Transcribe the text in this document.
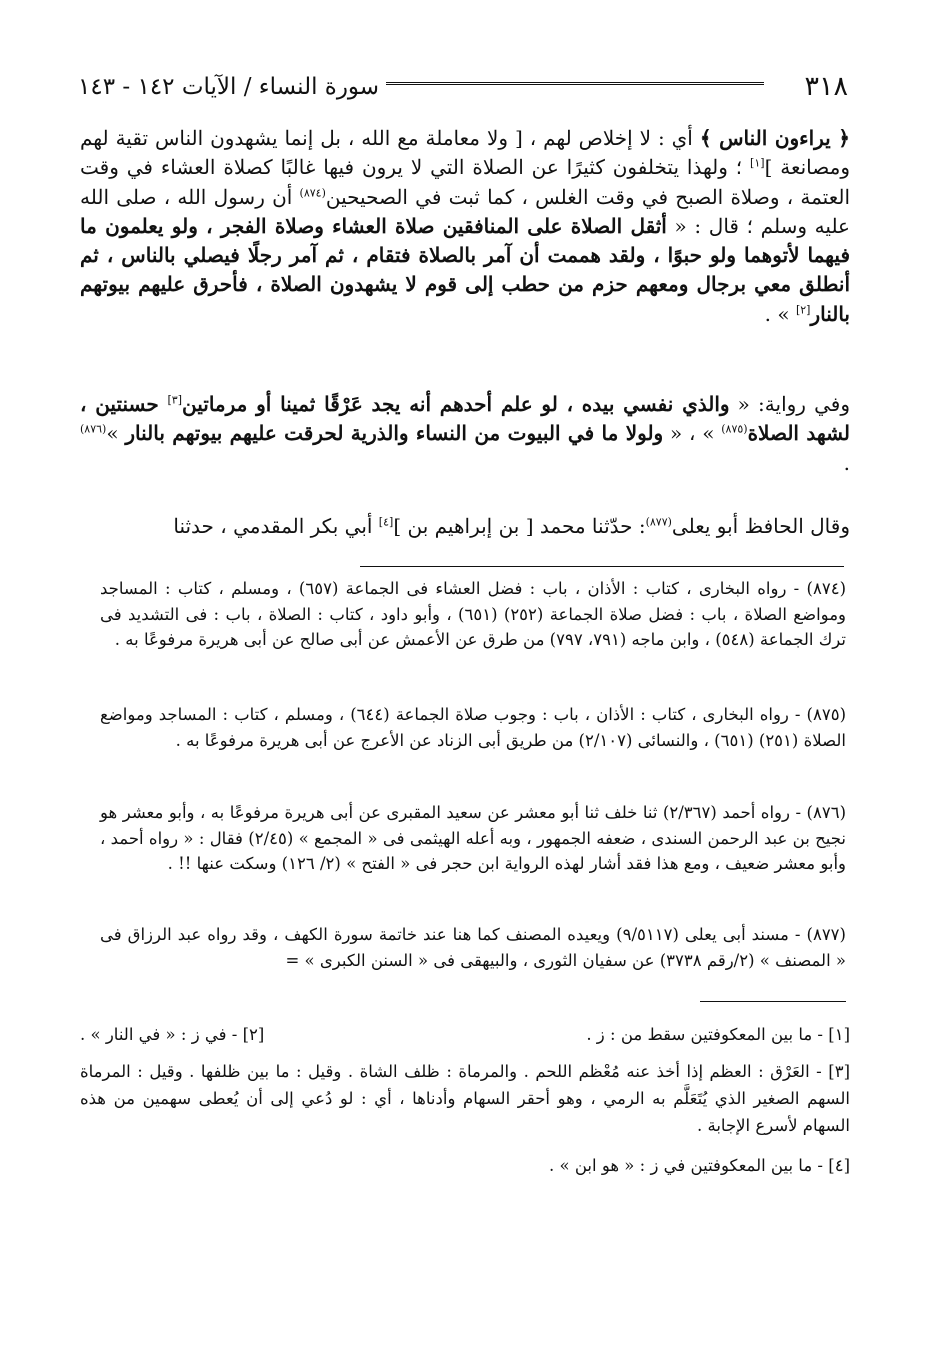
٣١٨
سورة النساء / الآيات ١٤٢ - ١٤٣
﴿ يراءون الناس ﴾ أي : لا إخلاص لهم ، [ ولا معاملة مع الله ، بل إنما يشهدون الناس تقية لهم ومصانعة ][١] ؛ ولهذا يتخلفون كثيرًا عن الصلاة التي لا يرون فيها غالبًا كصلاة العشاء في وقت العتمة ، وصلاة الصبح في وقت الغلس ، كما ثبت في الصحيحين$^{(٨٧٤)}$ أن رسول الله ، صلى الله عليه وسلم ؛ قال : « أثقل الصلاة على المنافقين صلاة العشاء وصلاة الفجر ، ولو يعلمون ما فيهما لأتوهما ولو حبوًا ، ولقد هممت أن آمر بالصلاة فتقام ، ثم آمر رجلًا فيصلي بالناس ، ثم أنطلق معي برجال ومعهم حزم من حطب إلى قوم لا يشهدون الصلاة ، فأحرق عليهم بيوتهم بالنار[٢] » .
وفي رواية: « والذي نفسي بيده ، لو علم أحدهم أنه يجد عَرْقًا ثمينا أو مرماتين[٣] حسنتين ، لشهد الصلاة$^{(٨٧٥)}$ » ، « ولولا ما في البيوت من النساء والذرية لحرقت عليهم بيوتهم بالنار »$^{(٨٧٦)}$ .
وقال الحافظ أبو يعلى$^{(٨٧٧)}$: حدّثنا محمد [ بن إبراهيم بن ][٤] أبي بكر المقدمي ، حدثنا
(٨٧٤) - رواه البخارى ، كتاب : الأذان ، باب : فضل العشاء فى الجماعة (٦٥٧) ، ومسلم ، كتاب : المساجد ومواضع الصلاة ، باب : فضل صلاة الجماعة (٢٥٢) (٦٥١) ، وأبو داود ، كتاب : الصلاة ، باب : فى التشديد فى ترك الجماعة (٥٤٨) ، وابن ماجه (٧٩١، ٧٩٧) من طرق عن الأعمش عن أبى صالح عن أبى هريرة مرفوعًا به .
(٨٧٥) - رواه البخارى ، كتاب : الأذان ، باب : وجوب صلاة الجماعة (٦٤٤) ، ومسلم ، كتاب : المساجد ومواضع الصلاة (٢٥١) (٦٥١) ، والنسائى (٢/١٠٧) من طريق أبى الزناد عن الأعرج عن أبى هريرة مرفوعًا به .
(٨٧٦) - رواه أحمد (٢/٣٦٧) ثنا خلف ثنا أبو معشر عن سعيد المقبرى عن أبى هريرة مرفوعًا به ، وأبو معشر هو نجيح بن عبد الرحمن السندى ، ضعفه الجمهور ، وبه أعله الهيثمى فى « المجمع » (٢/٤٥) فقال : « رواه أحمد ، وأبو معشر ضعيف ، ومع هذا فقد أشار لهذه الرواية ابن حجر فى « الفتح » (٢/ ١٢٦) وسكت عنها !! .
(٨٧٧) - مسند أبى يعلى (٩/٥١١٧) ويعيده المصنف كما هنا عند خاتمة سورة الكهف ، وقد رواه عبد الرزاق فى « المصنف » (٢/رقم ٣٧٣٨) عن سفيان الثورى ، والبيهقى فى « السنن الكبرى » =
[١] - ما بين المعكوفتين سقط من : ز .
[٢] - في ز : « في النار » .
[٣] - العَرْق : العظم إذا أخذ عنه مُعْظم اللحم . والمرماة : ظلف الشاة . وقيل : ما بين ظلفها . وقيل : المرماة السهم الصغير الذي يُتَعَلَّم به الرمي ، وهو أحقر السهام وأدناها ، أي : لو دُعي إلى أن يُعطى سهمين من هذه السهام لأسرع الإجابة .
[٤] - ما بين المعكوفتين في ز : « هو ابن » .
